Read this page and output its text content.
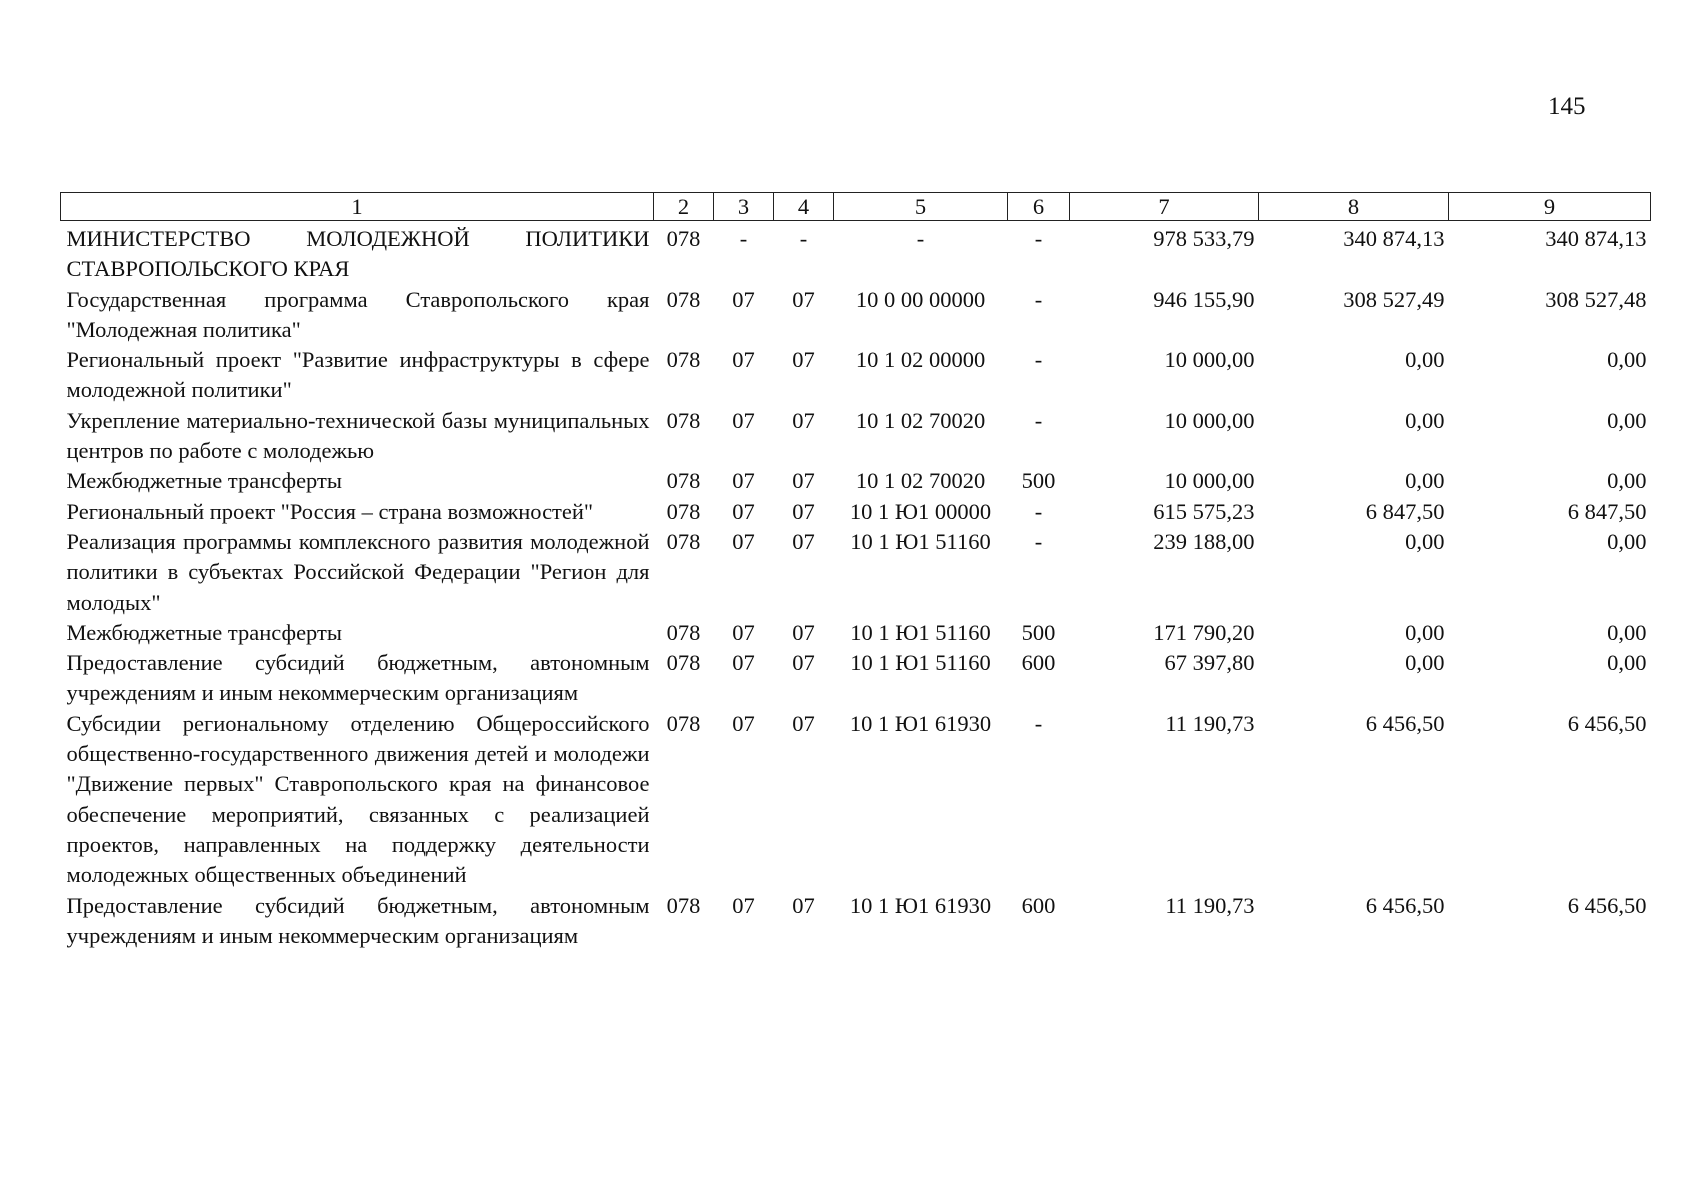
145
1	2	3	4	5	6	7	8	9
МИНИСТЕРСТВО МОЛОДЕЖНОЙ ПОЛИТИКИ СТАВРОПОЛЬСКОГО КРАЯ	078	-	-	-	-	978 533,79	340 874,13	340 874,13
Государственная программа Ставропольского края "Молодежная политика"	078	07	07	10 0 00 00000	-	946 155,90	308 527,49	308 527,48
Региональный проект "Развитие инфраструктуры в сфере молодежной политики"	078	07	07	10 1 02 00000	-	10 000,00	0,00	0,00
Укрепление материально-технической базы муниципальных центров по работе с молодежью	078	07	07	10 1 02 70020	-	10 000,00	0,00	0,00
Межбюджетные трансферты	078	07	07	10 1 02 70020	500	10 000,00	0,00	0,00
Региональный проект "Россия – страна возможностей"	078	07	07	10 1 Ю1 00000	-	615 575,23	6 847,50	6 847,50
Реализация программы комплексного развития молодежной политики в субъектах Российской Федерации "Регион для молодых"	078	07	07	10 1 Ю1 51160	-	239 188,00	0,00	0,00
Межбюджетные трансферты	078	07	07	10 1 Ю1 51160	500	171 790,20	0,00	0,00
Предоставление субсидий бюджетным, автономным учреждениям и иным некоммерческим организациям	078	07	07	10 1 Ю1 51160	600	67 397,80	0,00	0,00
Субсидии региональному отделению Общероссийского общественно-государственного движения детей и молодежи "Движение первых" Ставропольского края на финансовое обеспечение мероприятий, связанных с реализацией проектов, направленных на поддержку деятельности молодежных общественных объединений	078	07	07	10 1 Ю1 61930	-	11 190,73	6 456,50	6 456,50
Предоставление субсидий бюджетным, автономным учреждениям и иным некоммерческим организациям	078	07	07	10 1 Ю1 61930	600	11 190,73	6 456,50	6 456,50
